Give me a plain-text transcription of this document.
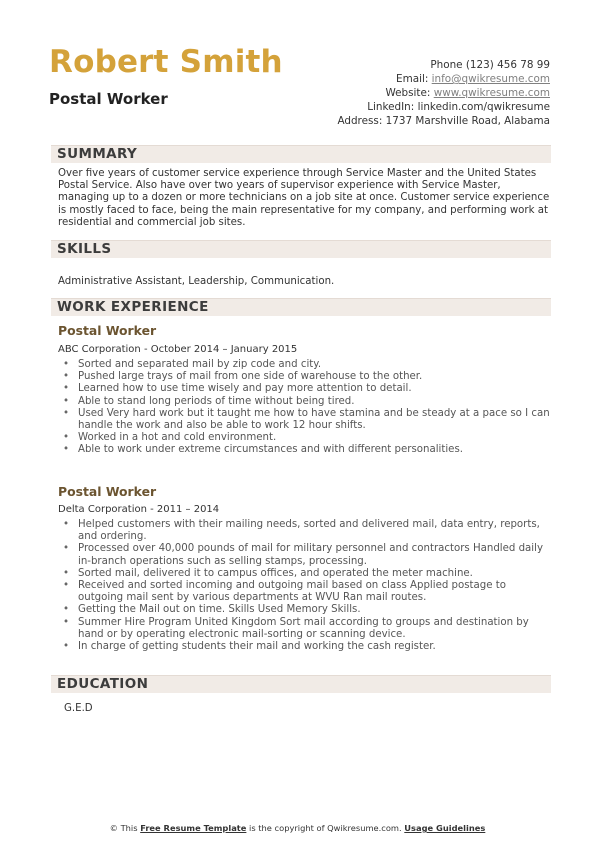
Robert Smith
Postal Worker
Phone (123) 456 78 99
Email: info@qwikresume.com
Website: www.qwikresume.com
LinkedIn: linkedin.com/qwikresume
Address: 1737 Marshville Road, Alabama
SUMMARY
Over five years of customer service experience through Service Master and the United States Postal Service. Also have over two years of supervisor experience with Service Master, managing up to a dozen or more technicians on a job site at once. Customer service experience is mostly faced to face, being the main representative for my company, and performing work at residential and commercial job sites.
SKILLS
Administrative Assistant, Leadership, Communication.
WORK EXPERIENCE
Postal Worker
ABC Corporation - October 2014 – January 2015
• Sorted and separated mail by zip code and city.
• Pushed large trays of mail from one side of warehouse to the other.
• Learned how to use time wisely and pay more attention to detail.
• Able to stand long periods of time without being tired.
• Used Very hard work but it taught me how to have stamina and be steady at a pace so I can handle the work and also be able to work 12 hour shifts.
• Worked in a hot and cold environment.
• Able to work under extreme circumstances and with different personalities.
Postal Worker
Delta Corporation - 2011 – 2014
• Helped customers with their mailing needs, sorted and delivered mail, data entry, reports, and ordering.
• Processed over 40,000 pounds of mail for military personnel and contractors Handled daily in-branch operations such as selling stamps, processing.
• Sorted mail, delivered it to campus offices, and operated the meter machine.
• Received and sorted incoming and outgoing mail based on class Applied postage to outgoing mail sent by various departments at WVU Ran mail routes.
• Getting the Mail out on time. Skills Used Memory Skills.
• Summer Hire Program United Kingdom Sort mail according to groups and destination by hand or by operating electronic mail-sorting or scanning device.
• In charge of getting students their mail and working the cash register.
EDUCATION
G.E.D
© This Free Resume Template is the copyright of Qwikresume.com. Usage Guidelines
